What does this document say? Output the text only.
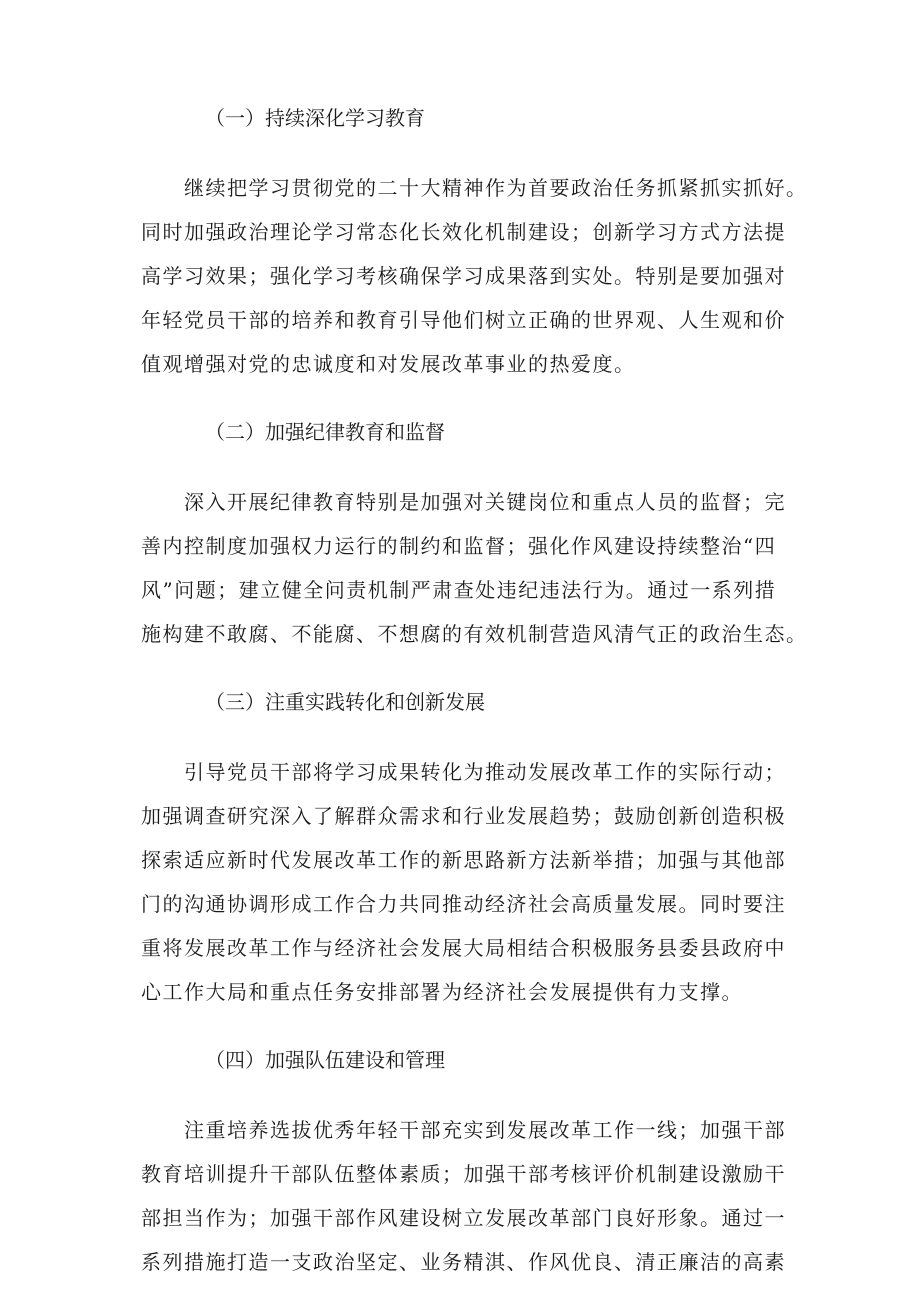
（一）持续深化学习教育
继续把学习贯彻党的二十大精神作为首要政治任务抓紧抓实抓好。
同时加强政治理论学习常态化长效化机制建设；创新学习方式方法提
高学习效果；强化学习考核确保学习成果落到实处。特别是要加强对
年轻党员干部的培养和教育引导他们树立正确的世界观、人生观和价
值观增强对党的忠诚度和对发展改革事业的热爱度。
（二）加强纪律教育和监督
深入开展纪律教育特别是加强对关键岗位和重点人员的监督；完
善内控制度加强权力运行的制约和监督；强化作风建设持续整治“四
风”问题；建立健全问责机制严肃查处违纪违法行为。通过一系列措
施构建不敢腐、不能腐、不想腐的有效机制营造风清气正的政治生态。
（三）注重实践转化和创新发展
引导党员干部将学习成果转化为推动发展改革工作的实际行动；
加强调查研究深入了解群众需求和行业发展趋势；鼓励创新创造积极
探索适应新时代发展改革工作的新思路新方法新举措；加强与其他部
门的沟通协调形成工作合力共同推动经济社会高质量发展。同时要注
重将发展改革工作与经济社会发展大局相结合积极服务县委县政府中
心工作大局和重点任务安排部署为经济社会发展提供有力支撑。
（四）加强队伍建设和管理
注重培养选拔优秀年轻干部充实到发展改革工作一线；加强干部
教育培训提升干部队伍整体素质；加强干部考核评价机制建设激励干
部担当作为；加强干部作风建设树立发展改革部门良好形象。通过一
系列措施打造一支政治坚定、业务精淇、作风优良、清正廉洁的高素
